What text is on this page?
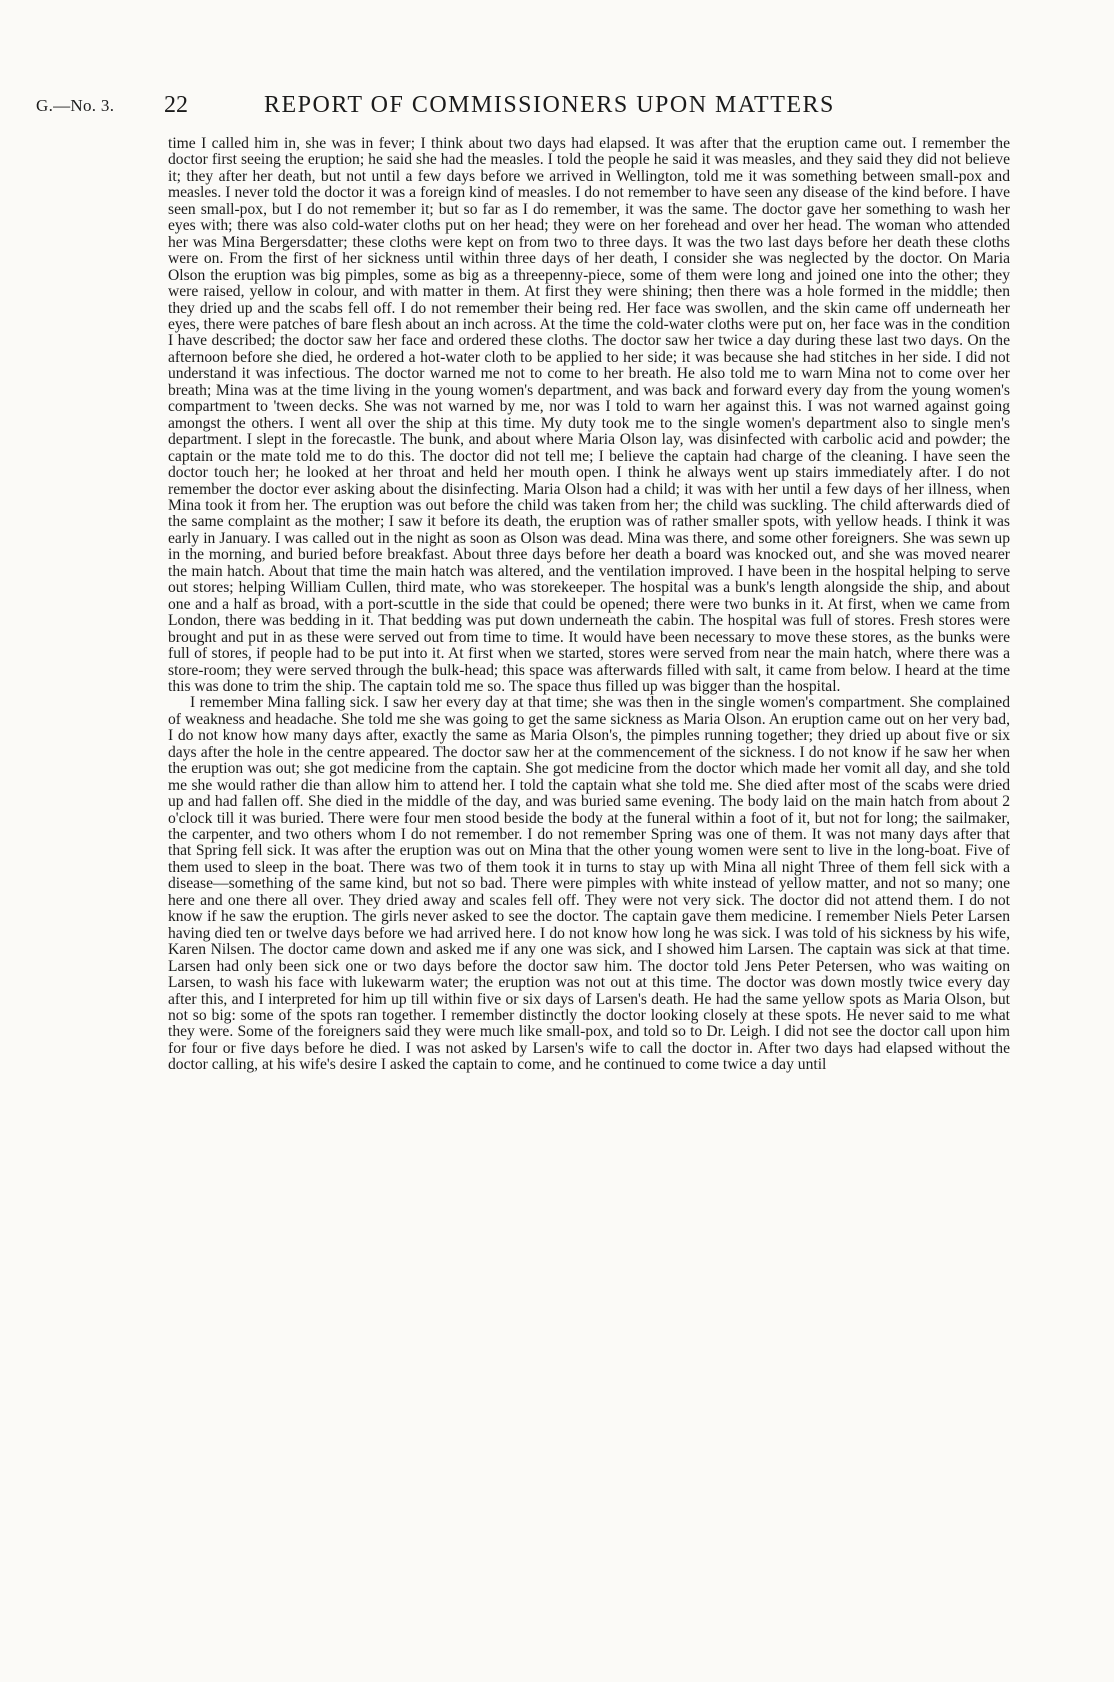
G.—No. 3. 22	REPORT OF COMMISSIONERS UPON MATTERS

time I called him in, she was in fever; I think about two days had elapsed. It was after that the eruption came out. I remember the doctor first seeing the eruption; he said she had the measles. I told the people he said it was measles, and they said they did not believe it; they after her death, but not until a few days before we arrived in Wellington, told me it was something between small-pox and measles. I never told the doctor it was a foreign kind of measles. I do not remember to have seen any disease of the kind before. I have seen small-pox, but I do not remember it; but so far as I do remember, it was the same. The doctor gave her something to wash her eyes with; there was also cold-water cloths put on her head; they were on her forehead and over her head. The woman who attended her was Mina Bergersdatter; these cloths were kept on from two to three days. It was the two last days before her death these cloths were on. From the first of her sickness until within three days of her death, I consider she was neglected by the doctor. On Maria Olson the eruption was big pimples, some as big as a threepenny-piece, some of them were long and joined one into the other; they were raised, yellow in colour, and with matter in them. At first they were shining; then there was a hole formed in the middle; then they dried up and the scabs fell off. I do not remember their being red. Her face was swollen, and the skin came off underneath her eyes, there were patches of bare flesh about an inch across. At the time the cold-water cloths were put on, her face was in the condition I have described; the doctor saw her face and ordered these cloths. The doctor saw her twice a day during these last two days. On the afternoon before she died, he ordered a hot-water cloth to be applied to her side; it was because she had stitches in her side. I did not understand it was infectious. The doctor warned me not to come to her breath. He also told me to warn Mina not to come over her breath; Mina was at the time living in the young women's department, and was back and forward every day from the young women's compartment to 'tween decks. She was not warned by me, nor was I told to warn her against this. I was not warned against going amongst the others. I went all over the ship at this time. My duty took me to the single women's department also to single men's department. I slept in the forecastle. The bunk, and about where Maria Olson lay, was disinfected with carbolic acid and powder; the captain or the mate told me to do this. The doctor did not tell me; I believe the captain had charge of the cleaning. I have seen the doctor touch her; he looked at her throat and held her mouth open. I think he always went up stairs immediately after. I do not remember the doctor ever asking about the disinfecting. Maria Olson had a child; it was with her until a few days of her illness, when Mina took it from her. The eruption was out before the child was taken from her; the child was suckling. The child afterwards died of the same complaint as the mother; I saw it before its death, the eruption was of rather smaller spots, with yellow heads. I think it was early in January. I was called out in the night as soon as Olson was dead. Mina was there, and some other foreigners. She was sewn up in the morning, and buried before breakfast. About three days before her death a board was knocked out, and she was moved nearer the main hatch. About that time the main hatch was altered, and the ventilation improved. I have been in the hospital helping to serve out stores; helping William Cullen, third mate, who was storekeeper. The hospital was a bunk's length alongside the ship, and about one and a half as broad, with a port-scuttle in the side that could be opened; there were two bunks in it. At first, when we came from London, there was bedding in it. That bedding was put down underneath the cabin. The hospital was full of stores. Fresh stores were brought and put in as these were served out from time to time. It would have been necessary to move these stores, as the bunks were full of stores, if people had to be put into it. At first when we started, stores were served from near the main hatch, where there was a store-room; they were served through the bulk-head; this space was afterwards filled with salt, it came from below. I heard at the time this was done to trim the ship. The captain told me so. The space thus filled up was bigger than the hospital.

I remember Mina falling sick. I saw her every day at that time; she was then in the single women's compartment. She complained of weakness and headache. She told me she was going to get the same sickness as Maria Olson. An eruption came out on her very bad, I do not know how many days after, exactly the same as Maria Olson's, the pimples running together; they dried up about five or six days after the hole in the centre appeared. The doctor saw her at the commencement of the sickness. I do not know if he saw her when the eruption was out; she got medicine from the captain. She got medicine from the doctor which made her vomit all day, and she told me she would rather die than allow him to attend her. I told the captain what she told me. She died after most of the scabs were dried up and had fallen off. She died in the middle of the day, and was buried same evening. The body laid on the main hatch from about 2 o'clock till it was buried. There were four men stood beside the body at the funeral within a foot of it, but not for long; the sailmaker, the carpenter, and two others whom I do not remember. I do not remember Spring was one of them. It was not many days after that that Spring fell sick. It was after the eruption was out on Mina that the other young women were sent to live in the long-boat. Five of them used to sleep in the boat. There was two of them took it in turns to stay up with Mina all night Three of them fell sick with a disease—something of the same kind, but not so bad. There were pimples with white instead of yellow matter, and not so many; one here and one there all over. They dried away and scales fell off. They were not very sick. The doctor did not attend them. I do not know if he saw the eruption. The girls never asked to see the doctor. The captain gave them medicine. I remember Niels Peter Larsen having died ten or twelve days before we had arrived here. I do not know how long he was sick. I was told of his sickness by his wife, Karen Nilsen. The doctor came down and asked me if any one was sick, and I showed him Larsen. The captain was sick at that time. Larsen had only been sick one or two days before the doctor saw him. The doctor told Jens Peter Petersen, who was waiting on Larsen, to wash his face with lukewarm water; the eruption was not out at this time. The doctor was down mostly twice every day after this, and I interpreted for him up till within five or six days of Larsen's death. He had the same yellow spots as Maria Olson, but not so big: some of the spots ran together. I remember distinctly the doctor looking closely at these spots. He never said to me what they were. Some of the foreigners said they were much like small-pox, and told so to Dr. Leigh. I did not see the doctor call upon him for four or five days before he died. I was not asked by Larsen's wife to call the doctor in. After two days had elapsed without the doctor calling, at his wife's desire I asked the captain to come, and he continued to come twice a day until
